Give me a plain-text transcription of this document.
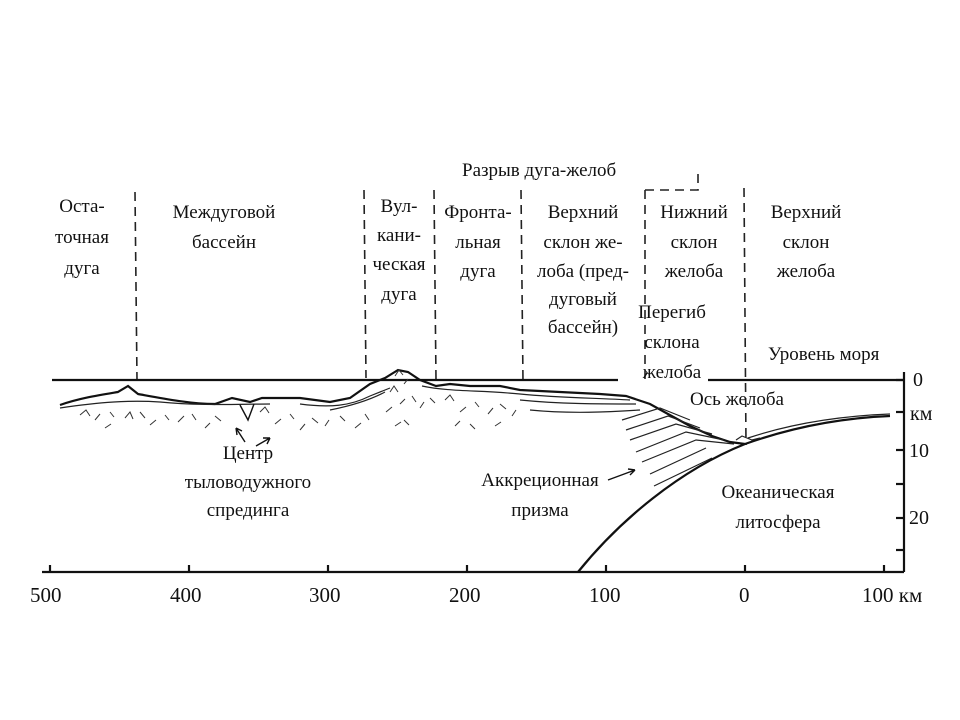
0
км
10
20
500	400	300	200	100	0	100 км
Разрыв дуга-желоб
Оста-
точная
дуга
Междуговой
бассейн
Вул-
кани-
ческая
дуга
Фронта-
льная
дуга
Верхний
склон же-
лоба (пред-
дуговый
бассейн)
Нижний
склон
желоба
Верхний
склон
желоба
Перегиб
склона
желоба
Уровень моря
Ось желоба
Центр
тыловодужного
спрединга
Аккреционная
призма
Океаническая
литосфера
